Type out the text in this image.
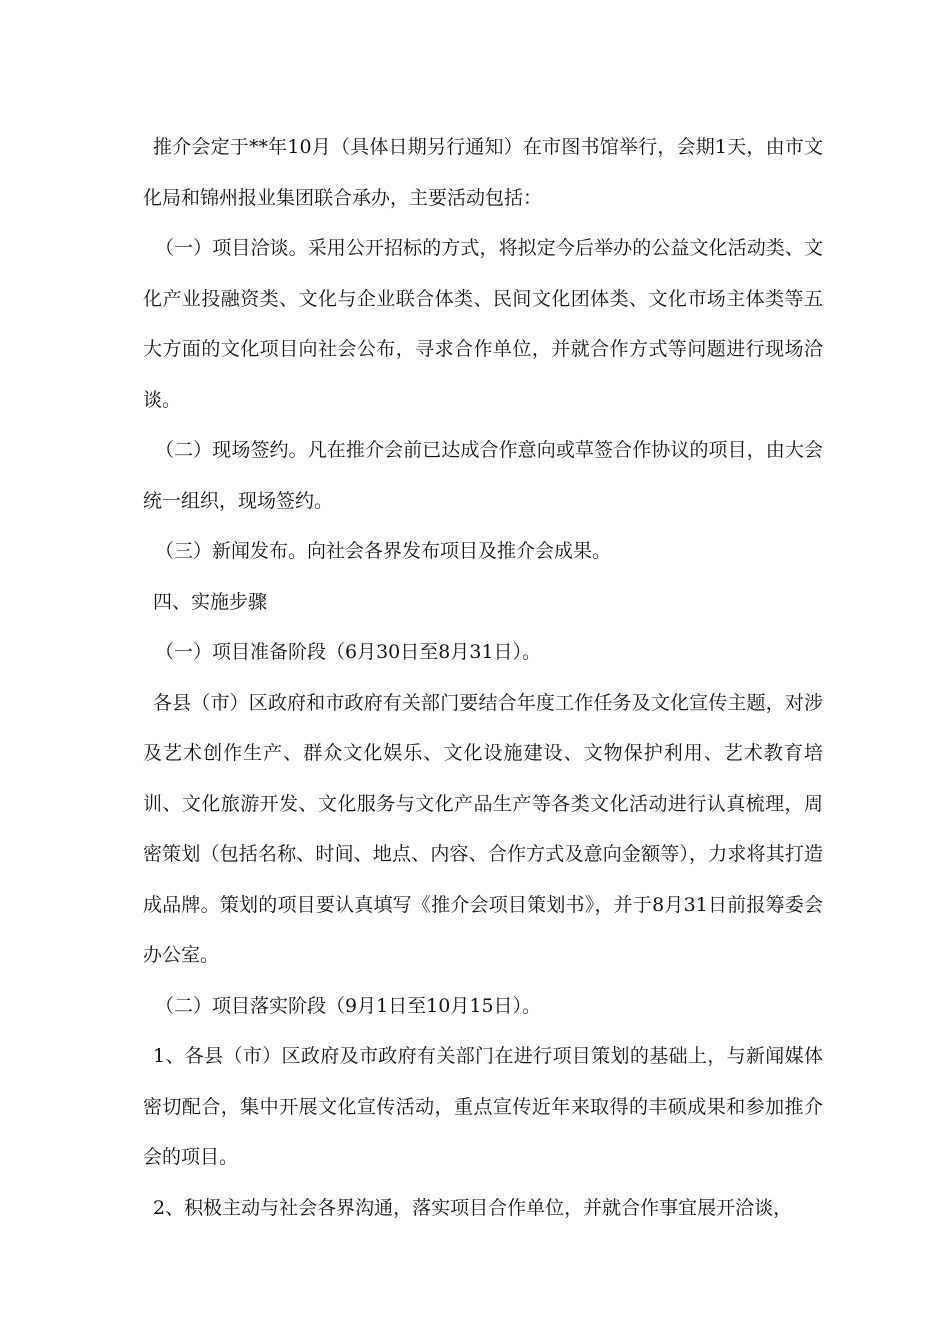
推介会定于**年10月（具体日期另行通知）在市图书馆举行，会期1天，由市文化局和锦州报业集团联合承办，主要活动包括：

（一）项目洽谈。采用公开招标的方式，将拟定今后举办的公益文化活动类、文化产业投融资类、文化与企业联合体类、民间文化团体类、文化市场主体类等五大方面的文化项目向社会公布，寻求合作单位，并就合作方式等问题进行现场洽谈。

（二）现场签约。凡在推介会前已达成合作意向或草签合作协议的项目，由大会统一组织，现场签约。

（三）新闻发布。向社会各界发布项目及推介会成果。

四、实施步骤

（一）项目准备阶段（6月30日至8月31日）。

各县（市）区政府和市政府有关部门要结合年度工作任务及文化宣传主题，对涉及艺术创作生产、群众文化娱乐、文化设施建设、文物保护利用、艺术教育培训、文化旅游开发、文化服务与文化产品生产等各类文化活动进行认真梳理，周密策划（包括名称、时间、地点、内容、合作方式及意向金额等），力求将其打造成品牌。策划的项目要认真填写《推介会项目策划书》，并于8月31日前报筹委会办公室。

（二）项目落实阶段（9月1日至10月15日）。

1、各县（市）区政府及市政府有关部门在进行项目策划的基础上，与新闻媒体密切配合，集中开展文化宣传活动，重点宣传近年来取得的丰硕成果和参加推介会的项目。

2、积极主动与社会各界沟通，落实项目合作单位，并就合作事宜展开洽谈，
